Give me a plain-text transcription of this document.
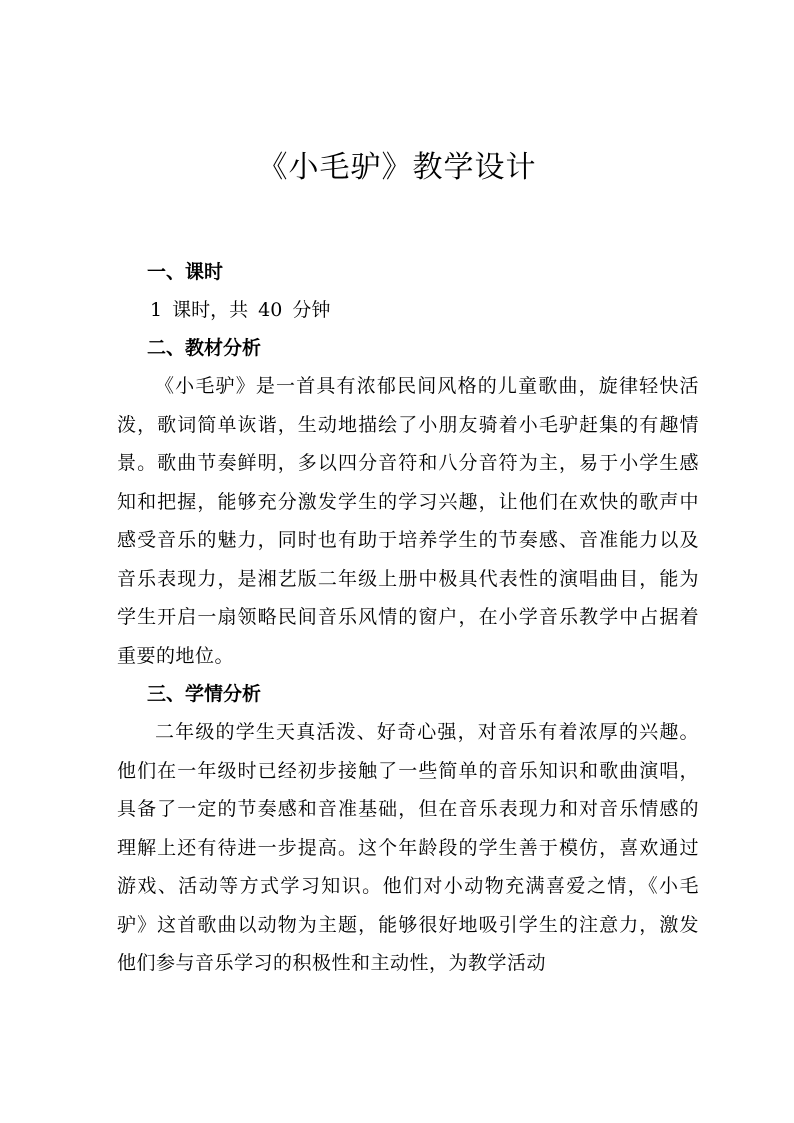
《小毛驴》教学设计

一、课时

1 课时，共 40 分钟

二、教材分析

《小毛驴》是一首具有浓郁民间风格的儿童歌曲，旋律轻快活泼，歌词简单诙谐，生动地描绘了小朋友骑着小毛驴赶集的有趣情景。歌曲节奏鲜明，多以四分音符和八分音符为主，易于小学生感知和把握，能够充分激发学生的学习兴趣，让他们在欢快的歌声中感受音乐的魅力，同时也有助于培养学生的节奏感、音准能力以及音乐表现力，是湘艺版二年级上册中极具代表性的演唱曲目，能为学生开启一扇领略民间音乐风情的窗户，在小学音乐教学中占据着重要的地位。

三、学情分析

二年级的学生天真活泼、好奇心强，对音乐有着浓厚的兴趣。他们在一年级时已经初步接触了一些简单的音乐知识和歌曲演唱，具备了一定的节奏感和音准基础，但在音乐表现力和对音乐情感的理解上还有待进一步提高。这个年龄段的学生善于模仿，喜欢通过游戏、活动等方式学习知识。他们对小动物充满喜爱之情，《小毛驴》这首歌曲以动物为主题，能够很好地吸引学生的注意力，激发他们参与音乐学习的积极性和主动性，为教学活动
